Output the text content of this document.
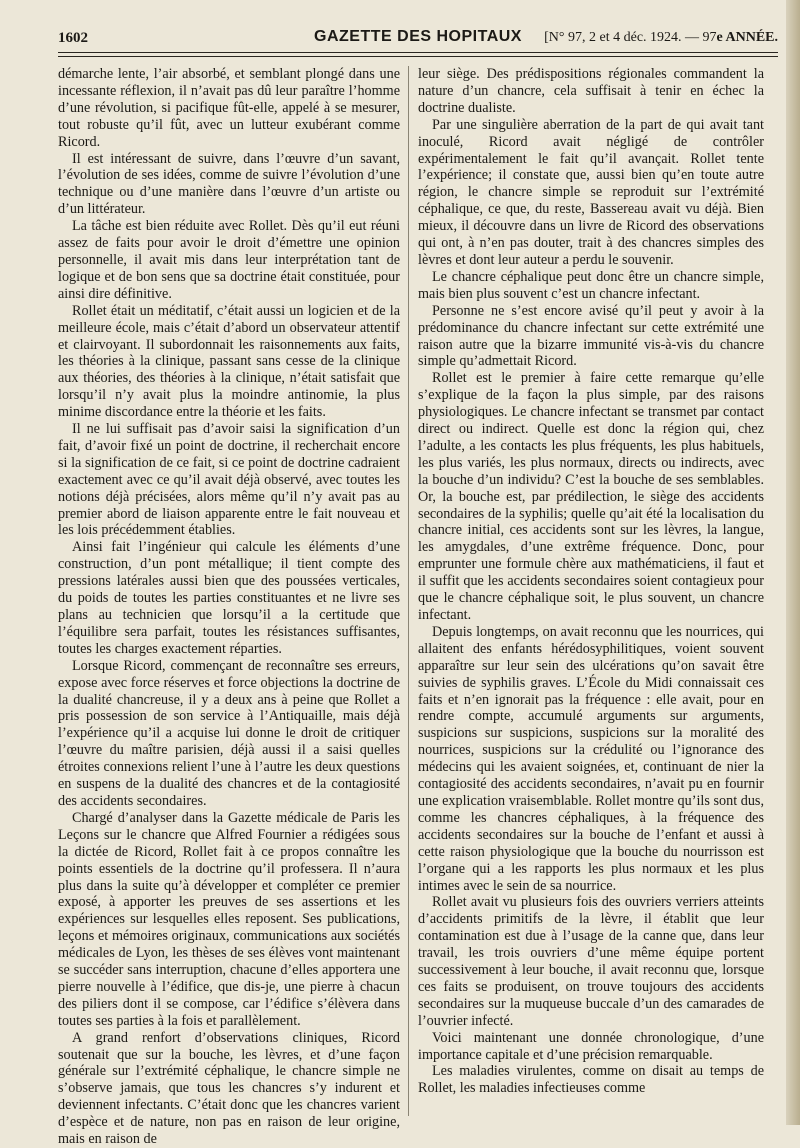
1602	GAZETTE DES HOPITAUX	[N° 97, 2 et 4 déc. 1924. — 97e ANNÉE.

démarche lente, l’air absorbé, et semblant plongé dans une incessante réflexion, il n’avait pas dû leur paraître l’homme d’une révolution, si pacifique fût-elle, appelé à se mesurer, tout robuste qu’il fût, avec un lutteur exubérant comme Ricord.

Il est intéressant de suivre, dans l’œuvre d’un savant, l’évolution de ses idées, comme de suivre l’évolution d’une technique ou d’une manière dans l’œuvre d’un artiste ou d’un littérateur.

La tâche est bien réduite avec Rollet. Dès qu’il eut réuni assez de faits pour avoir le droit d’émettre une opinion personnelle, il avait mis dans leur interprétation tant de logique et de bon sens que sa doctrine était constituée, pour ainsi dire définitive.

Rollet était un méditatif, c’était aussi un logicien et de la meilleure école, mais c’était d’abord un observateur attentif et clairvoyant. Il subordonnait les raisonnements aux faits, les théories à la clinique, passant sans cesse de la clinique aux théories, des théories à la clinique, n’était satisfait que lorsqu’il n’y avait plus la moindre antinomie, la plus minime discordance entre la théorie et les faits.

Il ne lui suffisait pas d’avoir saisi la signification d’un fait, d’avoir fixé un point de doctrine, il recherchait encore si la signification de ce fait, si ce point de doctrine cadraient exactement avec ce qu’il avait déjà observé, avec toutes les notions déjà précisées, alors même qu’il n’y avait pas au premier abord de liaison apparente entre le fait nouveau et les lois précédemment établies.

Ainsi fait l’ingénieur qui calcule les éléments d’une construction, d’un pont métallique; il tient compte des pressions latérales aussi bien que des poussées verticales, du poids de toutes les parties constituantes et ne livre ses plans au technicien que lorsqu’il a la certitude que l’équilibre sera parfait, toutes les résistances suffisantes, toutes les charges exactement réparties.

Lorsque Ricord, commençant de reconnaître ses erreurs, expose avec force réserves et force objections la doctrine de la dualité chancreuse, il y a deux ans à peine que Rollet a pris possession de son service à l’Antiquaille, mais déjà l’expérience qu’il a acquise lui donne le droit de critiquer l’œuvre du maître parisien, déjà aussi il a saisi quelles étroites connexions relient l’une à l’autre les deux questions en suspens de la dualité des chancres et de la contagiosité des accidents secondaires.

Chargé d’analyser dans la Gazette médicale de Paris les Leçons sur le chancre que Alfred Fournier a rédigées sous la dictée de Ricord, Rollet fait à ce propos connaître les points essentiels de la doctrine qu’il professera. Il n’aura plus dans la suite qu’à développer et compléter ce premier exposé, à apporter les preuves de ses assertions et les expériences sur lesquelles elles reposent. Ses publications, leçons et mémoires originaux, communications aux sociétés médicales de Lyon, les thèses de ses élèves vont maintenant se succéder sans interruption, chacune d’elles apportera une pierre nouvelle à l’édifice, que dis-je, une pierre à chacun des piliers dont il se compose, car l’édifice s’élèvera dans toutes ses parties à la fois et parallèlement.

A grand renfort d’observations cliniques, Ricord soutenait que sur la bouche, les lèvres, et d’une façon générale sur l’extrémité céphalique, le chancre simple ne s’observe jamais, que tous les chancres s’y indurent et deviennent infectants. C’était donc que les chancres varient d’espèce et de nature, non pas en raison de leur origine, mais en raison de

leur siège. Des prédispositions régionales commandent la nature d’un chancre, cela suffisait à tenir en échec la doctrine dualiste.

Par une singulière aberration de la part de qui avait tant inoculé, Ricord avait négligé de contrôler expérimentalement le fait qu’il avançait. Rollet tente l’expérience; il constate que, aussi bien qu’en toute autre région, le chancre simple se reproduit sur l’extrémité céphalique, ce que, du reste, Bassereau avait vu déjà. Bien mieux, il découvre dans un livre de Ricord des observations qui ont, à n’en pas douter, trait à des chancres simples des lèvres et dont leur auteur a perdu le souvenir.

Le chancre céphalique peut donc être un chancre simple, mais bien plus souvent c’est un chancre infectant.

Personne ne s’est encore avisé qu’il peut y avoir à la prédominance du chancre infectant sur cette extrémité une raison autre que la bizarre immunité vis-à-vis du chancre simple qu’admettait Ricord.

Rollet est le premier à faire cette remarque qu’elle s’explique de la façon la plus simple, par des raisons physiologiques. Le chancre infectant se transmet par contact direct ou indirect. Quelle est donc la région qui, chez l’adulte, a les contacts les plus fréquents, les plus habituels, les plus variés, les plus normaux, directs ou indirects, avec la bouche d’un individu? C’est la bouche de ses semblables. Or, la bouche est, par prédilection, le siège des accidents secondaires de la syphilis; quelle qu’ait été la localisation du chancre initial, ces accidents sont sur les lèvres, la langue, les amygdales, d’une extrême fréquence. Donc, pour emprunter une formule chère aux mathématiciens, il faut et il suffit que les accidents secondaires soient contagieux pour que le chancre céphalique soit, le plus souvent, un chancre infectant.

Depuis longtemps, on avait reconnu que les nourrices, qui allaitent des enfants hérédosyphilitiques, voient souvent apparaître sur leur sein des ulcérations qu’on savait être suivies de syphilis graves. L’École du Midi connaissait ces faits et n’en ignorait pas la fréquence : elle avait, pour en rendre compte, accumulé arguments sur arguments, suspicions sur suspicions, suspicions sur la moralité des nourrices, suspicions sur la crédulité ou l’ignorance des médecins qui les avaient soignées, et, continuant de nier la contagiosité des accidents secondaires, n’avait pu en fournir une explication vraisemblable. Rollet montre qu’ils sont dus, comme les chancres céphaliques, à la fréquence des accidents secondaires sur la bouche de l’enfant et aussi à cette raison physiologique que la bouche du nourrisson est l’organe qui a les rapports les plus normaux et les plus intimes avec le sein de sa nourrice.

Rollet avait vu plusieurs fois des ouvriers verriers atteints d’accidents primitifs de la lèvre, il établit que leur contamination est due à l’usage de la canne que, dans leur travail, les trois ouvriers d’une même équipe portent successivement à leur bouche, il avait reconnu que, lorsque ces faits se produisent, on trouve toujours des accidents secondaires sur la muqueuse buccale d’un des camarades de l’ouvrier infecté.

Voici maintenant une donnée chronologique, d’une importance capitale et d’une précision remarquable.

Les maladies virulentes, comme on disait au temps de Rollet, les maladies infectieuses comme
